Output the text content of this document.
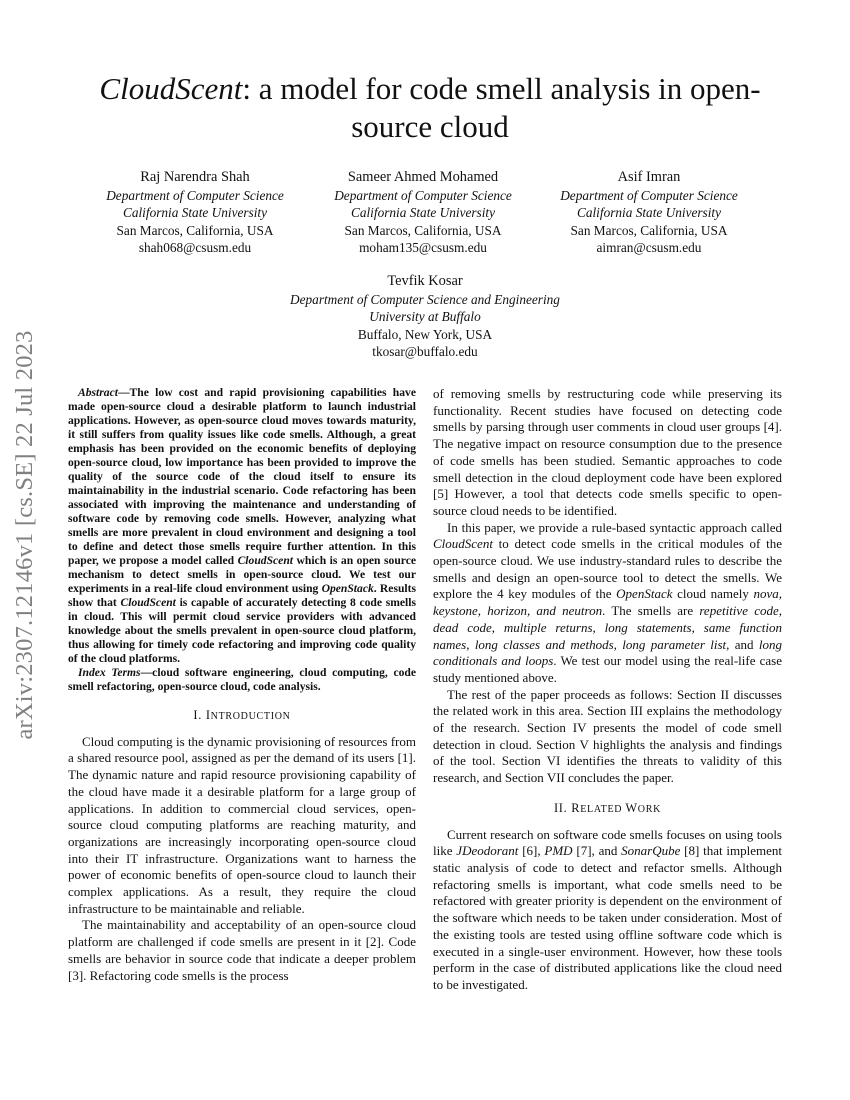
arXiv:2307.12146v1 [cs.SE] 22 Jul 2023
CloudScent: a model for code smell analysis in open-source cloud
Raj Narendra Shah
Department of Computer Science
California State University
San Marcos, California, USA
shah068@csusm.edu
Sameer Ahmed Mohamed
Department of Computer Science
California State University
San Marcos, California, USA
moham135@csusm.edu
Asif Imran
Department of Computer Science
California State University
San Marcos, California, USA
aimran@csusm.edu
Tevfik Kosar
Department of Computer Science and Engineering
University at Buffalo
Buffalo, New York, USA
tkosar@buffalo.edu

Abstract—The low cost and rapid provisioning capabilities have made open-source cloud a desirable platform to launch industrial applications. However, as open-source cloud moves towards maturity, it still suffers from quality issues like code smells. Although, a great emphasis has been provided on the economic benefits of deploying open-source cloud, low importance has been provided to improve the quality of the source code of the cloud itself to ensure its maintainability in the industrial scenario. Code refactoring has been associated with improving the maintenance and understanding of software code by removing code smells. However, analyzing what smells are more prevalent in cloud environment and designing a tool to define and detect those smells require further attention. In this paper, we propose a model called CloudScent which is an open source mechanism to detect smells in open-source cloud. We test our experiments in a real-life cloud environment using OpenStack. Results show that CloudScent is capable of accurately detecting 8 code smells in cloud. This will permit cloud service providers with advanced knowledge about the smells prevalent in open-source cloud platform, thus allowing for timely code refactoring and improving code quality of the cloud platforms.

Index Terms—cloud software engineering, cloud computing, code smell refactoring, open-source cloud, code analysis.

I. INTRODUCTION

Cloud computing is the dynamic provisioning of resources from a shared resource pool, assigned as per the demand of its users [1]. The dynamic nature and rapid resource provisioning capability of the cloud have made it a desirable platform for a large group of applications. In addition to commercial cloud services, open-source cloud computing platforms are reaching maturity, and organizations are increasingly incorporating open-source cloud into their IT infrastructure. Organizations want to harness the power of economic benefits of open-source cloud to launch their complex applications. As a result, they require the cloud infrastructure to be maintainable and reliable.

The maintainability and acceptability of an open-source cloud platform are challenged if code smells are present in it [2]. Code smells are behavior in source code that indicate a deeper problem [3]. Refactoring code smells is the process

of removing smells by restructuring code while preserving its functionality. Recent studies have focused on detecting code smells by parsing through user comments in cloud user groups [4]. The negative impact on resource consumption due to the presence of code smells has been studied. Semantic approaches to code smell detection in the cloud deployment code have been explored [5] However, a tool that detects code smells specific to open-source cloud needs to be identified.

In this paper, we provide a rule-based syntactic approach called CloudScent to detect code smells in the critical modules of the open-source cloud. We use industry-standard rules to describe the smells and design an open-source tool to detect the smells. We explore the 4 key modules of the OpenStack cloud namely nova, keystone, horizon, and neutron. The smells are repetitive code, dead code, multiple returns, long statements, same function names, long classes and methods, long parameter list, and long conditionals and loops. We test our model using the real-life case study mentioned above.

The rest of the paper proceeds as follows: Section II discusses the related work in this area. Section III explains the methodology of the research. Section IV presents the model of code smell detection in cloud. Section V highlights the analysis and findings of the tool. Section VI identifies the threats to validity of this research, and Section VII concludes the paper.

II. RELATED WORK

Current research on software code smells focuses on using tools like JDeodorant [6], PMD [7], and SonarQube [8] that implement static analysis of code to detect and refactor smells. Although refactoring smells is important, what code smells need to be refactored with greater priority is dependent on the environment of the software which needs to be taken under consideration. Most of the existing tools are tested using offline software code which is executed in a single-user environment. However, how these tools perform in the case of distributed applications like the cloud need to be investigated.
